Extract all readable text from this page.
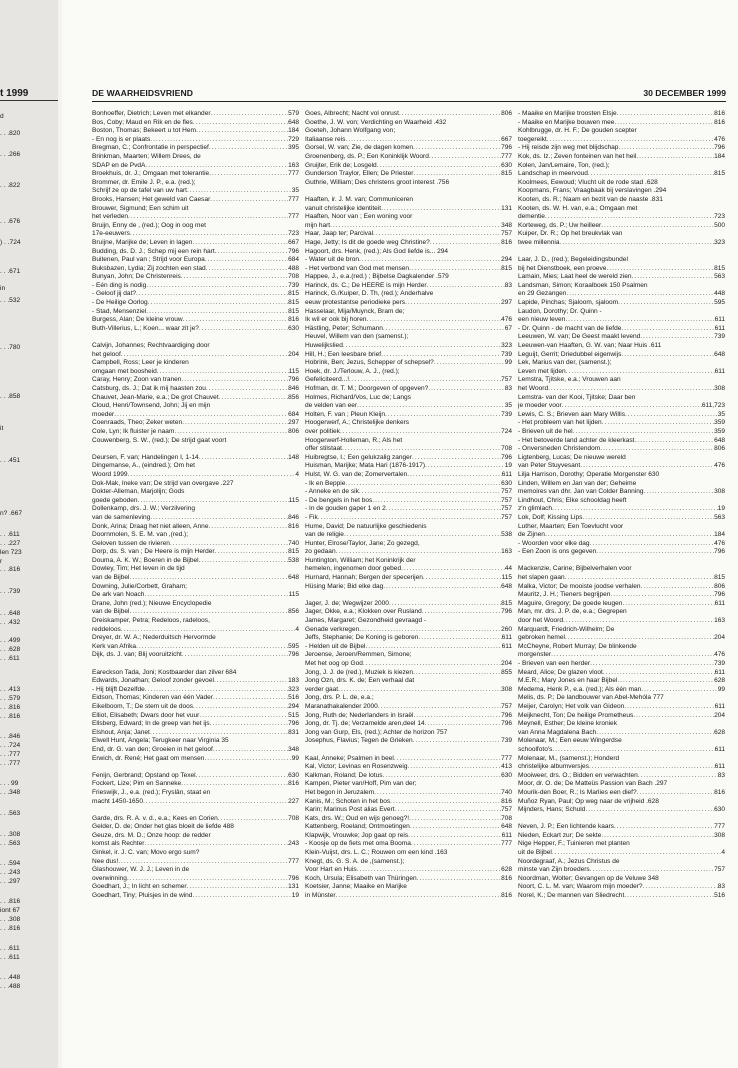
t 1999
d
. . .820
. . .266
. . .822
. . .676
) . .724
. . .671
in
. . .532
. . .780
. . .858
it
. . .451
n? .667
. . .611
. . .227
len 723
r
. . .816
. . .739
. . .648
. . .432
. . .499
. . .628
. . .611
. . .413
. . .579
. . .816
. . .816
. . .846
. . .724
. . .777
. . .777
. . . 99
. . .348
. . .563
. . .308
. . .563
. . .594
. . .243
. . .297
. . .816
iont 67
. . .308
. . .816
. . .611
. . .611
. . .448
. . .488
DE WAARHEIDSVRIEND	30 DECEMBER 1999
Bonhoeffer, Dietrich; Leven met elkander . . .	579
Bos, Coby; Maud en Rik en de fles . . .	648
Boston, Thomas; Bekeert u tot Hem . . .	184
- En nog is er plaats . . .	729
Bregman, C.; Confrontatie in perspectief . . .	395
Brinkman, Maarten; Willem Drees, de
SDAP en de PvdA . . .	163
Broekhuis, dr. J.; Omgaan met tolerantie . . .	777
Brommer, dr. Emile J. P., e.a. (red.);
Schrijf ze op de tafel van uw hart . . .	35
Brooks, Hansen; Het geweld van Caesar . . .	777
Brouwer, Sigmund; Een schim uit
het verleden . . .	777
Bruijn, Enny de , (red.); Oog in oog met
17e-eeuwers . . .	723
Bruijne, Marijke de; Leven in lagen . . .	667
Budding, ds. D. J.; Schep mij een rein hart . . .	796
Buitenen, Paul van ; Strijd voor Europa . . .	684
Buksbazen, Lydia; Zij zochten een stad . . .	488
Bunyan, John; De Christenreis . . .	708
- Eén ding is nodig . . .	739
- Geloof jij dat? . . .	815
- De Heilige Oorlog . . .	815
- Stad, Mensenziel . . .	815
Burgess, Alan; De kleine vrouw . . .	816
Buth-Villerius, L.; Koen... waar zit je? . . .	630
Calvijn, Johannes; Rechtvaardiging door
het geloof . . .	204
Campbell, Ross; Leer je kinderen
omgaan met boosheid . . .	115
Caray, Henry; Zoon van tranen . . .	796
Catsburg, ds. J.; Dat ik mij haasten zou . . .	846
Chauvet, Jean-Marie, e.a.; De grot Chauvet . . .	856
Cloud, Henri/Townsend, John; Jij en mijn
moeder . . .	684
Coenraads, Theo; Zeker weten . . .	297
Cole, Lyn; Ik fluister je naam . . .	806
Couwenberg, S. W., (red.); De strijd gaat voort
Deursen, F. van; Handelingen I, 1-14 . . .	148
Dingemanse, A., (eindred.); Om het
Woord 1999 . . .	4
Dok-Mak, Ineke van; De strijd van overgave .227
Dokter-Alleman, Marjolijn; Gods
goede geboden . . .	115
Dollenkamp, drs. J. W.; Verzilvering
van de samenleving . . .	846
Donk, Arina; Draag het niet alleen, Anne . . .	816
Doornmolen, S. E. M. van ,(red.);
Geloven tussen de rivieren . . .	740
Dorp, ds. S. van ; De Heere is mijn Herder . . .	815
Douma, A. K. W.; Boeren in de Bijbel . . .	538
Dowley, Tim; Het leven in de tijd
van de Bijbel . . .	648
Downing, Julie/Corbett, Graham;
De ark van Noach . . .	115
Drane, John (red.); Nieuwe Encyclopedie
van de Bijbel . . .	856
Dreiskamper, Petra; Redeloos, radeloos,
reddeloos . . .	4
Dreyer, dr. W. A.; Nederduitsch Hervormde
Kerk van Afrika . . .	595
Dijk, ds. J. van; Blij vooruitzicht . . .	796
Eareckson Tada, Joni; Kostbaarder dan zilver 684
Edwards, Jonathan; Geloof zonder gevoel . . .	183
- Hij blijft Dezelfde . . .	323
Eidson, Thomas; Kinderen van één Vader . . .	516
Eikelboom, T.; De stem uit de doos . . .	294
Elliot, Elisabeth; Dwars door het vuur . . .	515
Ellsberg, Edward; In de greep van het ijs . . .	796
Elshout, Anja; Janet . . .	831
Elwell Hunt, Angela; Terugkeer naar Virginia 35
End, dr. G. van den; Groeien in het geloof . . .	348
Erwich, dr. René; Het gaat om mensen . . .	99
Fenijn, Gerbrand; Opstand op Texel . . .	630
Fockert, Lize; Pim en Sanneke . . .	816
Frieswijk, J., e.a. (red.); Fryslân, staat en
macht 1450-1650 . . .	227
Garde, drs. R. A. v. d., e.a.; Kees en Corien . . .	708
Gelder, D. de; Onder het glas bloeit de liefde 488
Geuze, drs. M. D.; Onze hoop: de redder
komst als Rechter . . .	243
Ginkel, ir. J. C. van; Movo ergo sum?
Nee dus! . . .	777
Glashouwer, W. J. J.; Leven in de
overwinning . . .	796
Goedhart, J.; In licht en schemer . . .	131
Goedhart, Tiny; Pluisjes in de wind . . .	19
Goes, Albrecht; Nacht vol onrust . . .	806
Goethe, J. W. von; Verdichting en Waarheid .432
Goeteh, Johann Wolfgang von;
Italiaanse reis . . .	667
Gorsel, W. van; Zie, de dagen komen . . .	796
Groenenberg, ds. P.; Een Koninklijk Woord . . .	777
Gruijter, Erik de; Losgeld . . .	630
Gunderson Traylor, Ellen; De Priester . . .	815
Guthrie, William; Des christens groot interest .756
Haaften, ir. J. M. van; Communiceren
vanuit christelijke identiteit . . .	131
Haaften, Noor van ; Een woning voor
mijn hart . . .	348
Haar, Jaap ter; Parcival . . .	757
Hage, Jetty; Is dit de goede weg Christine? . . .	816
Hagoort, drs. Henk, (red.); Als God liefde is... 294
- Water uit de bron . . .	294
- Het verbond van God met mensen . . .	815
Happee, J., e.a.(red.) ; Bijbelse Dagkalender .579
Harinck, ds. C.; De HEERE is mijn Herder . . .	83
Harinck, G./Kuiper, D. Th, (red.); Anderhalve
eeuw protestantse periodieke pers . . .	297
Hasselaar, Mija/Muynck, Bram de;
Ik wil er ook bij horen . . .	476
Hästling, Peter; Schumann . . .	67
Heuvel, Willem van den (samenst.);
Huwelijkslied . . .	323
Hill, H.; Een leesbare brief . . .	739
Hobrink, Ben; Jezus, Schepper of schepsel? . . .	99
Hoek, dr. J./Terlouw, A. J., (red.);
Gefeliciteerd...! . . .	757
Hofman, dr. T. M.; Doorgeven of opgeven? . . .	83
Holmes, Richard/Vos, Luc de; Langs
de velden van eer . . .	35
Holten, F. van ; Pleun Kleijn . . .	739
Hoogerwerf, A.; Christelijke denkers
over politiek . . .	724
Hoogerwerf-Holleman, R.; Als het
offer stilstaat . . .	708
Huibregtse, I.; Een gelukzalig zanger . . .	796
Huisman, Marijke; Mata Hari (1876-1917) . . .	19
Hulst, W. G. van de; Zomervertalen . . .	611
- Ik en Beppie . . .	630
- Anneke en de sik . . .	757
- De bengels in het bos . . .	757
- In de gouden gaper 1 en 2 . . .	757
- Fik . . .	757
Hume, David; De natuurlijke geschiedenis
van de religie . . .	538
Hunter, Elrose/Taylor, Jane; Zo gezegd,
zo gedaan . . .	163
Huntington, William; het Koninkrijk der
hemelen, ingenomen door gebed . . .	44
Hurnard, Hannah; Bergen der specerijen . . .	115
Hüsing Marie; Bid elke dag . . .	648
Jager, J. de; Wegwijzer 2000 . . .	815
Jager, Okke, e.a.; Klokken over Rusland . . .	796
James, Margaret; Gezondheid gevraagd -
Genade verkregen . . .	260
Jeffs, Stephanie; De Koning is geboren . . .	611
- Helden uit de Bijbel . . .	611
Jeroense, Jeroen/Remmen, Simone;
Met het oog op God . . .	204
Jong, J. J. de (red.), Muziek is kiezen . . .	855
Jong Ozn, drs. K. de; Een verhaal dat
verder gaat . . .	308
Jong, drs. P. L. de, e.a.;
Maranathakalender 2000 . . .	757
Jong, Ruth de; Nederlanders in Israël . . .	796
Jong, dr. Tj. de; Verzamelde aren,deel 14 . . .	796
Jong van Gurp, Els, (red.); Achter de horizon 757
Josephus, Flavius; Tegen de Grieken . . .	739
Kaal, Anneke; Psalmen in beel . . .	777
Kal, Victor; Levinas en Rosenzweig . . .	413
Kalkman, Roland; De lotus . . .	630
Kampen, Pieter van/Hoff, Pim van der;
Het begon in Jeruzalem . . .	740
Kanis, M.; Schoten in het bos . . .	816
Karin; Marinus Post alias Evert . . .	757
Kats, drs. W.; Oud en wijs genoeg?! . . .	708
Kattenberg, Roeland; Ontmoetingen . . .	648
Klapwijk, Vrouwke; Jop gaat op reis . . .	611
- Koosje op de fiets met oma Booma . . .	777
Klein-Vuijst, drs. L. C.; Rouwen om een kind .163
Knegt, ds. G. S. A. de ,(samenst.);
Voor Hart en Huis . . .	628
Koch, Ursula; Elisabeth van Thüringen . . .	816
Koetsier, Janne; Maaike en Marijke
in Münster . . .	816
- Maaike en Marijke troosten Elsje . . .	816
- Maaike en Marijke bouwen mee . . .	816
Kohlbrugge, dr. H. F.; De gouden scepter
toegereikt . . .	476
- Hij reisde zijn weg met blijdschap . . .	796
Kok, ds. Iz.; Zeven fonteinen van het heil . . .	184
Kolen, Jan/Lemaire, Ton, (red.);
Landschap in meervoud . . .	815
Koolmees, Eewoud; Vlucht uit de rode stad .628
Koopmans, Frans; Vraagbaak bij verslavingen .294
Kooten, ds. R.; Naam en bezit van de naaste .831
Kooten, ds. W. H. van, e.a.; Omgaan met
dementie . . .	723
Korteweg, ds. P.; Uw heilleer . . .	500
Kuiper, Dr. R.; Op het breukvlak van
twee millennia . . .	323
Laar, J. D., (red.); Begeleidingsbundel
bij het Dienstboek, een proeve . . .	815
Lamain, Mies; Laat heel de wereld zien . . .	563
Landsman, Simon; Koraalboek 150 Psalmen
en 29 Gezangen . . .	448
Lapide, Pinchas; Sjaloom, sjaloom . . .	595
Laudon, Dorothy; Dr. Quinn -
een nieuw leven . . .	611
- Dr. Quinn - de macht van de liefde . . .	611
Leeuwen, W. van; De Geest maakt levend . . .	739
Leeuwen-van Haaften, G. W. van; Naar Huis .611
Leguijt, Gerrit; Driedubbel eigenwijs . . .	648
Lek, Marius van der, (samenst.);
Leven met lijden . . .	611
Lemstra, Tjitske, e.a.; Vrouwen aan
het Woord . . .	308
Lemstra- van der Kooi, Tjitske; Daar ben
je moeder voor . . .	611,723
Lewis, C. S.; Brieven aan Mary Willis . . .	35
- Het probleem van het lijden . . .	359
- Brieven uit de hel . . .	359
- Het betoverde land achter de kleerkast . . .	648
- Onversneden Christendom . . .	806
Ligtenberg, Lucas; De nieuwe wereld
van Peter Stuyvesant . . .	476
Lilja Harrison, Dorothy; Operatie Morgenster 630
Linden, Willem en Jan van der; Geheime
memoires van dhr. Jan van Colder Banning . . .	308
Lindhout, Chris; Elke schooldag heeft
z'n glimlach . . .	19
Lok, Dolf; Kissing Lips . . .	563
Luther, Maarten; Een Toevlucht voor
de Zijnen . . .	184
- Woorden voor elke dag . . .	476
- Een Zoon is ons gegeven . . .	796
Mackenzie, Carine; Bijbelverhalen voor
het slapen gaan . . .	815
Malka, Victor; De mooiste joodse verhalen . . .	806
Mauritz, J. H.; Tieners begrijpen . . .	796
Maguire, Gregory; De goede leugen . . .	611
Man, mr. drs. J. P. de, e.a.; Gegrepen
door het Woord . . .	163
Marquardt, Friedrich-Wilhelm; De
gebroken hemel . . .	204
McCheyne, Robert Murray; De blinkende
morgenster . . .	476
- Brieven van een herder . . .	739
Meard, Alice; De glazen vloot . . .	611
M.E.R.; Mary Jones en haar Bijbel . . .	628
Medema, Henk P., e.a. (red.); Als één man . . .	99
Melis, ds. P.; De landbouwer van Abel-Mehóla 777
Meijer, Carolyn; Het volk van Gideon . . .	611
Meijknecht, Ton; De heilige Prometheus . . .	204
Meynell, Esther; De kleine kroniek
van Anna Magdalena Bach . . .	628
Molenaar, M.; Een eeuw Wingerdse
schoolfoto's . . .	611
Molenaar, M., (samenst.); Honderd
christelijke albumversjes . . .	611
Mooiweer, drs. O.; Bidden en verwachten . . .	83
Moor, dr. O. de; De Matteüs Passion van Bach .297
Mourik-den Boer, R.; Is Marlies een dief? . . .	816
Muñoz Ryan, Paul; Op weg naar de vrijheid .628
Mijnders, Hans; Schuld . . .	630
Neven, J. P.; Een lichtende kaars . . .	777
Nieden, Eckart zur; De sekte . . .	308
Nige Hepper, F.; Tuinieren met planten
uit de Bijbel . . .	4
Noordegraaf, A.; Jezus Christus de
minste van Zijn broeders . . .	757
Noordman, Wolter; Gevangen op de Veluwe 348
Noort, C. L. M. van; Waarom mijn moeder? . . .	83
Norel, K.; De mannen van Sliedrecht . . .	516
